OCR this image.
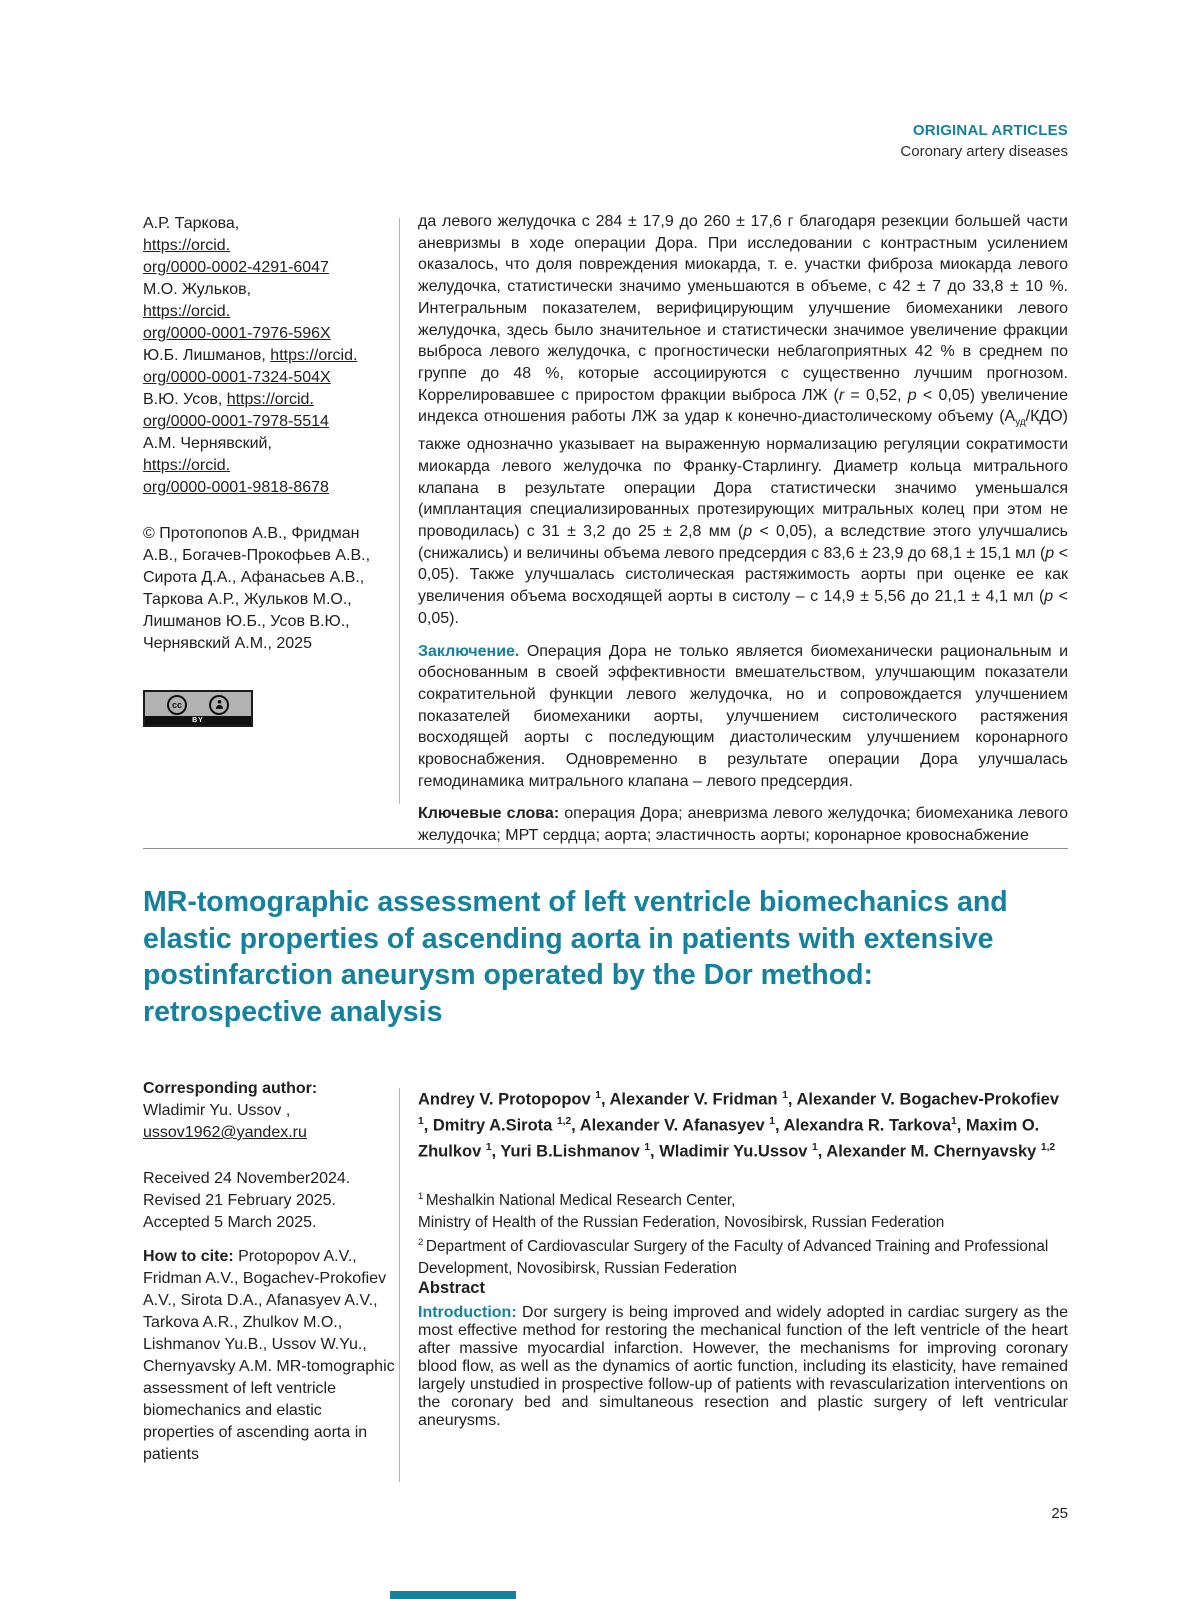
ORIGINAL ARTICLES
Coronary artery diseases
А.Р. Таркова,
https://orcid.
org/0000-0002-4291-6047
М.О. Жульков,
https://orcid.
org/0000-0001-7976-596X
Ю.Б. Лишманов, https://orcid.
org/0000-0001-7324-504X
В.Ю. Усов, https://orcid.
org/0000-0001-7978-5514
А.М. Чернявский,
https://orcid.
org/0000-0001-9818-8678
© Протопопов А.В., Фридман А.В., Богачев-Прокофьев А.В., Сирота Д.А., Афанасьев А.В., Таркова А.Р., Жульков М.О., Лишманов Ю.Б., Усов В.Ю., Чернявский А.М., 2025
cc
BY

да левого желудочка с 284 ± 17,9 до 260 ± 17,6 г благодаря резекции большей части аневризмы в ходе операции Дора. При исследовании с контрастным усилением оказалось, что доля повреждения миокарда, т. е. участки фиброза миокарда левого желудочка, статистически значимо уменьшаются в объеме, с 42 ± 7 до 33,8 ± 10 %. Интегральным показателем, верифицирующим улучшение биомеханики левого желудочка, здесь было значительное и статистически значимое увеличение фракции выброса левого желудочка, с прогностически неблагоприятных 42 % в среднем по группе до 48 %, которые ассоциируются с существенно лучшим прогнозом. Коррелировавшее с приростом фракции выброса ЛЖ (r = 0,52, p < 0,05) увеличение индекса отношения работы ЛЖ за удар к конечно-диастолическому объему $(А_{уд}/КДО)$ также однозначно указывает на выраженную нормализацию регуляции сократимости миокарда левого желудочка по Франку-Старлингу. Диаметр кольца митрального клапана в результате операции Дора статистически значимо уменьшался (имплантация специализированных протезирующих митральных колец при этом не проводилась) с 31 ± 3,2 до 25 ± 2,8 мм (p < 0,05), а вследствие этого улучшались (снижались) и величины объема левого предсердия с 83,6 ± 23,9 до 68,1 ± 15,1 мл (p < 0,05). Также улучшалась систолическая растяжимость аорты при оценке ее как увеличения объема восходящей аорты в систолу – с 14,9 ± 5,56 до 21,1 ± 4,1 мл (p < 0,05).

Заключение. Операция Дора не только является биомеханически рациональным и обоснованным в своей эффективности вмешательством, улучшающим показатели сократительной функции левого желудочка, но и сопровождается улучшением показателей биомеханики аорты, улучшением систолического растяжения восходящей аорты с последующим диастолическим улучшением коронарного кровоснабжения. Одновременно в результате операции Дора улучшалась гемодинамика митрального клапана – левого предсердия.

Ключевые слова: операция Дора; аневризма левого желудочка; биомеханика левого желудочка; МРТ сердца; аорта; эластичность аорты; коронарное кровоснабжение

MR-tomographic assessment of left ventricle biomechanics and elastic properties of ascending aorta in patients with extensive postinfarction aneurysm operated by the Dor method: retrospective analysis
Corresponding author:
Wladimir Yu. Ussov ,
ussov1962@yandex.ru
Received 24 November2024.
Revised 21 February 2025.
Accepted 5 March 2025.
How to cite: Protopopov A.V., Fridman A.V., Bogachev-Prokofiev A.V., Sirota D.A., Afanasyev A.V., Tarkova A.R., Zhulkov M.O., Lishmanov Yu.B., Ussov W.Yu., Chernyavsky A.M. MR-tomographic assessment of left ventricle biomechanics and elastic properties of ascending aorta in patients

Andrey V. Protopopov $^1$, Alexander V. Fridman $^1$, Alexander V. Bogachev-Prokofiev $^1$, Dmitry A.Sirota $^{1,2}$, Alexander V. Afanasyev $^1$, Alexandra R. Tarkova$^1$, Maxim O. Zhulkov $^1$, Yuri B.Lishmanov $^1$, Wladimir Yu.Ussov $^1$, Alexander M. Chernyavsky $^{1,2}$

$^1$ Meshalkin National Medical Research Center,
Ministry of Health of the Russian Federation, Novosibirsk, Russian Federation

$^2$ Department of Cardiovascular Surgery of the Faculty of Advanced Training and Professional Development, Novosibirsk, Russian Federation

Abstract

Introduction: Dor surgery is being improved and widely adopted in cardiac surgery as the most effective method for restoring the mechanical function of the left ventricle of the heart after massive myocardial infarction. However, the mechanisms for improving coronary blood flow, as well as the dynamics of aortic function, including its elasticity, have remained largely unstudied in prospective follow-up of patients with revascularization interventions on the coronary bed and simultaneous resection and plastic surgery of left ventricular aneurysms.

25
